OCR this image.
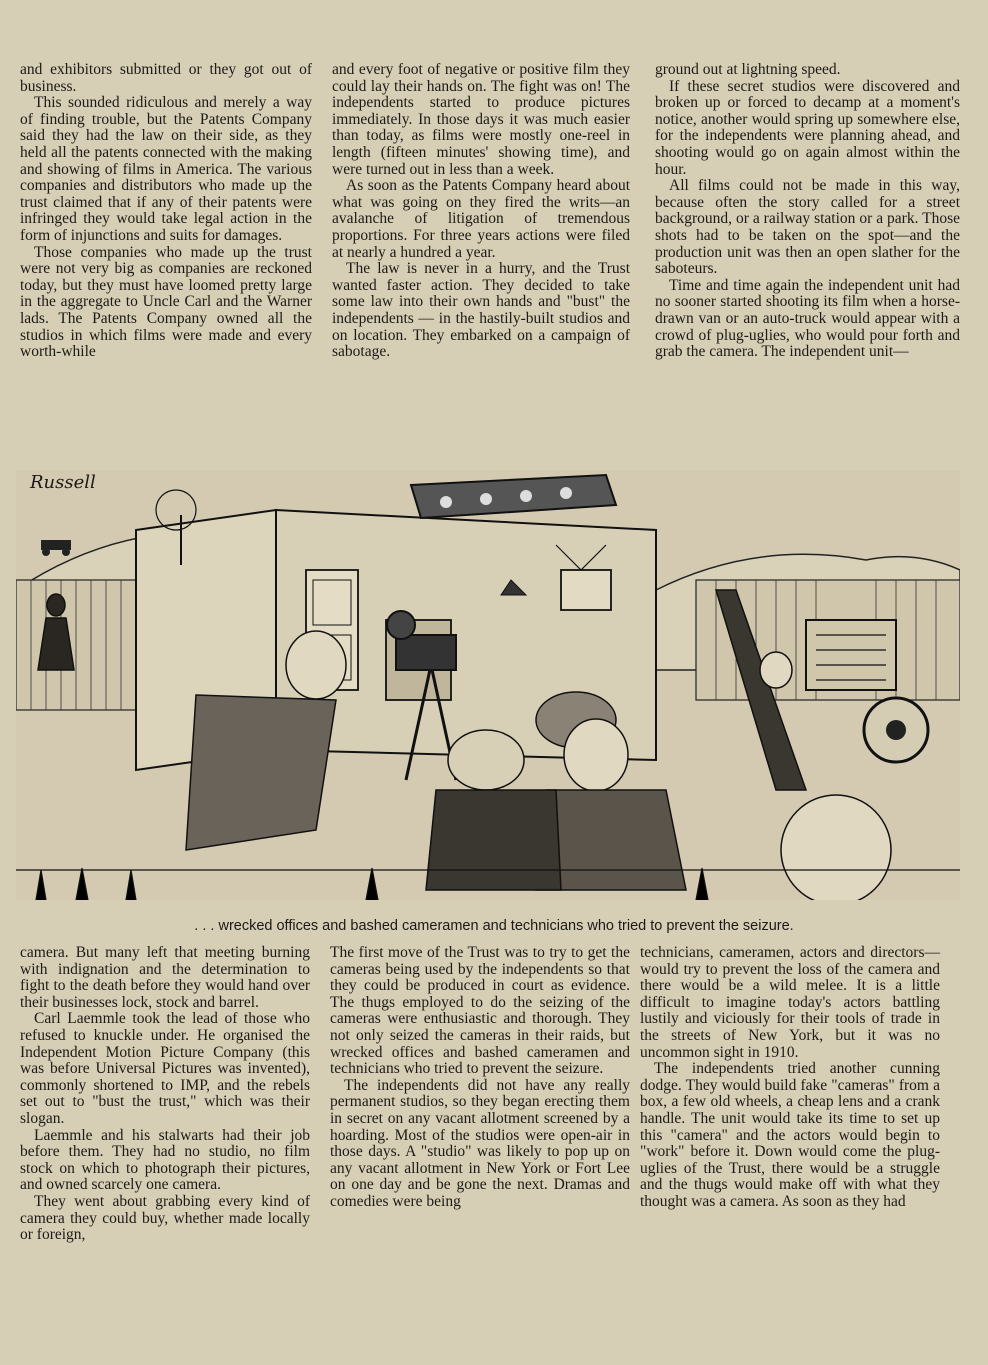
and exhibitors submitted or they got out of business.

This sounded ridiculous and merely a way of finding trouble, but the Patents Company said they had the law on their side, as they held all the patents connected with the making and showing of films in America. The various companies and distributors who made up the trust claimed that if any of their patents were infringed they would take legal action in the form of injunctions and suits for damages.

Those companies who made up the trust were not very big as companies are reckoned today, but they must have loomed pretty large in the aggregate to Uncle Carl and the Warner lads. The Patents Company owned all the studios in which films were made and every worth-while

and every foot of negative or positive film they could lay their hands on. The fight was on! The independents started to produce pictures immediately. In those days it was much easier than today, as films were mostly one-reel in length (fifteen minutes' showing time), and were turned out in less than a week.

As soon as the Patents Company heard about what was going on they fired the writs—an avalanche of litigation of tremendous proportions. For three years actions were filed at nearly a hundred a year.

The law is never in a hurry, and the Trust wanted faster action. They decided to take some law into their own hands and "bust" the independents — in the hastily-built studios and on location. They embarked on a campaign of sabotage.

ground out at lightning speed.

If these secret studios were discovered and broken up or forced to decamp at a moment's notice, another would spring up somewhere else, for the independents were planning ahead, and shooting would go on again almost within the hour.

All films could not be made in this way, because often the story called for a street background, or a railway station or a park. Those shots had to be taken on the spot—and the production unit was then an open slather for the saboteurs.

Time and time again the independent unit had no sooner started shooting its film when a horse-drawn van or an auto-truck would appear with a crowd of plug-uglies, who would pour forth and grab the camera. The independent unit—

Russell
. . . wrecked offices and bashed cameramen and technicians who tried to prevent the seizure.

camera. But many left that meeting burning with indignation and the determination to fight to the death before they would hand over their businesses lock, stock and barrel.

Carl Laemmle took the lead of those who refused to knuckle under. He organised the Independent Motion Picture Company (this was before Universal Pictures was invented), commonly shortened to IMP, and the rebels set out to "bust the trust," which was their slogan.

Laemmle and his stalwarts had their job before them. They had no studio, no film stock on which to photograph their pictures, and owned scarcely one camera.

They went about grabbing every kind of camera they could buy, whether made locally or foreign,

The first move of the Trust was to try to get the cameras being used by the independents so that they could be produced in court as evidence. The thugs employed to do the seizing of the cameras were enthusiastic and thorough. They not only seized the cameras in their raids, but wrecked offices and bashed cameramen and technicians who tried to prevent the seizure.

The independents did not have any really permanent studios, so they began erecting them in secret on any vacant allotment screened by a hoarding. Most of the studios were open-air in those days. A "studio" was likely to pop up on any vacant allotment in New York or Fort Lee on one day and be gone the next. Dramas and comedies were being

technicians, cameramen, actors and directors—would try to prevent the loss of the camera and there would be a wild melee. It is a little difficult to imagine today's actors battling lustily and viciously for their tools of trade in the streets of New York, but it was no uncommon sight in 1910.

The independents tried another cunning dodge. They would build fake "cameras" from a box, a few old wheels, a cheap lens and a crank handle. The unit would take its time to set up this "camera" and the actors would begin to "work" before it. Down would come the plug-uglies of the Trust, there would be a struggle and the thugs would make off with what they thought was a camera. As soon as they had
